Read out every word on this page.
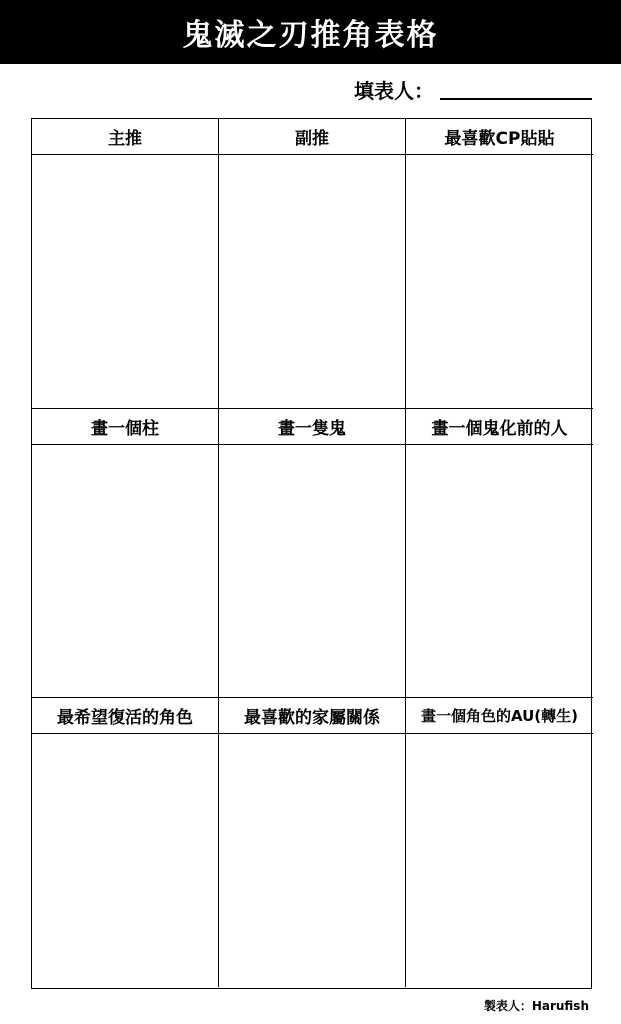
鬼滅之刃推角表格
填表人：
主推	副推	最喜歡CP貼貼
畫一個柱	畫一隻鬼	畫一個鬼化前的人
最希望復活的角色	最喜歡的家屬關係	畫一個角色的AU(轉生)
製表人：Harufish
